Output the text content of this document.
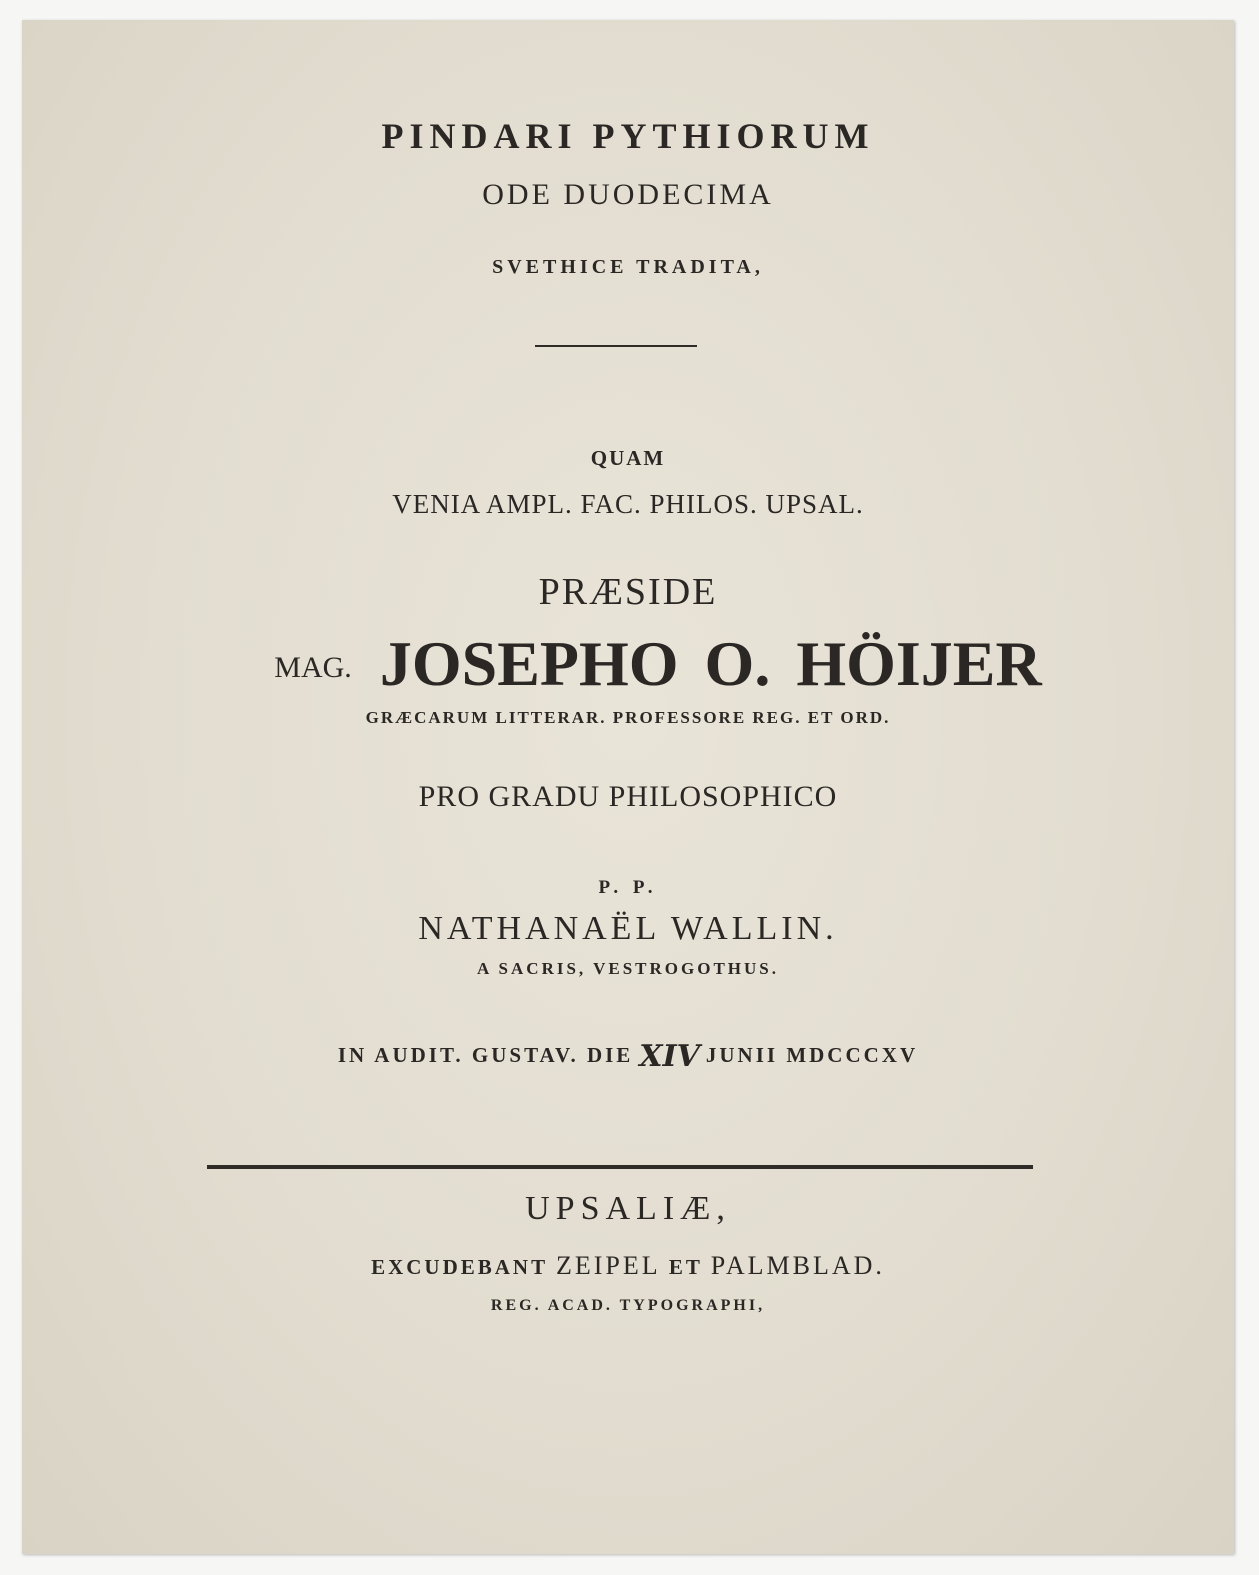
PINDARI PYTHIORUM
ODE DUODECIMA
SVETHICE TRADITA,
QUAM
VENIA AMPL. FAC. PHILOS. UPSAL.
PRÆSIDE
MAG. JOSEPHO O. HÖIJER
GRÆCARUM LITTERAR. PROFESSORE REG. ET ORD.
PRO GRADU PHILOSOPHICO
P. P.
NATHANAËL WALLIN.
A SACRIS, VESTROGOTHUS.
IN AUDIT. GUSTAV. DIE XIV JUNII MDCCCXV
UPSALIÆ,
EXCUDEBANT ZEIPEL ET PALMBLAD.
REG. ACAD. TYPOGRAPHI,
